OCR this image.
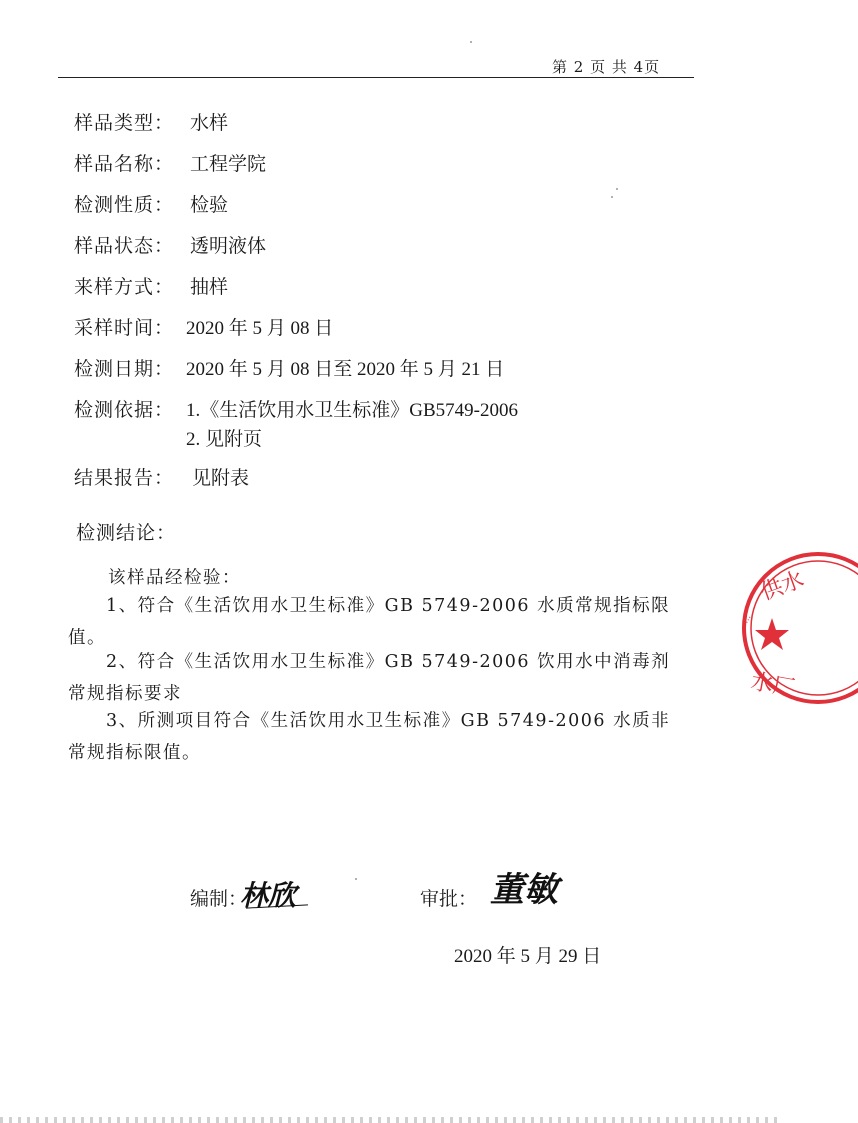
第 2 页 共 4页
样品类型： 水样
样品名称： 工程学院
检测性质： 检验
样品状态： 透明液体
来样方式： 抽样
采样时间： 2020 年 5 月 08 日
检测日期： 2020 年 5 月 08 日至 2020 年 5 月 21 日
检测依据： 1.《生活饮用水卫生标准》GB5749-2006
2. 见附页
结果报告： 见附表
检测结论：
该样品经检验：
1、符合《生活饮用水卫生标准》GB 5749-2006 水质常规指标限值。
2、符合《生活饮用水卫生标准》GB 5749-2006 饮用水中消毒剂常规指标要求
3、所测项目符合《生活饮用水卫生标准》GB 5749-2006 水质非常规指标限值。
编制：
林欣	审批： 董敏
2020 年 5 月 29 日
供水
水厂
·····
